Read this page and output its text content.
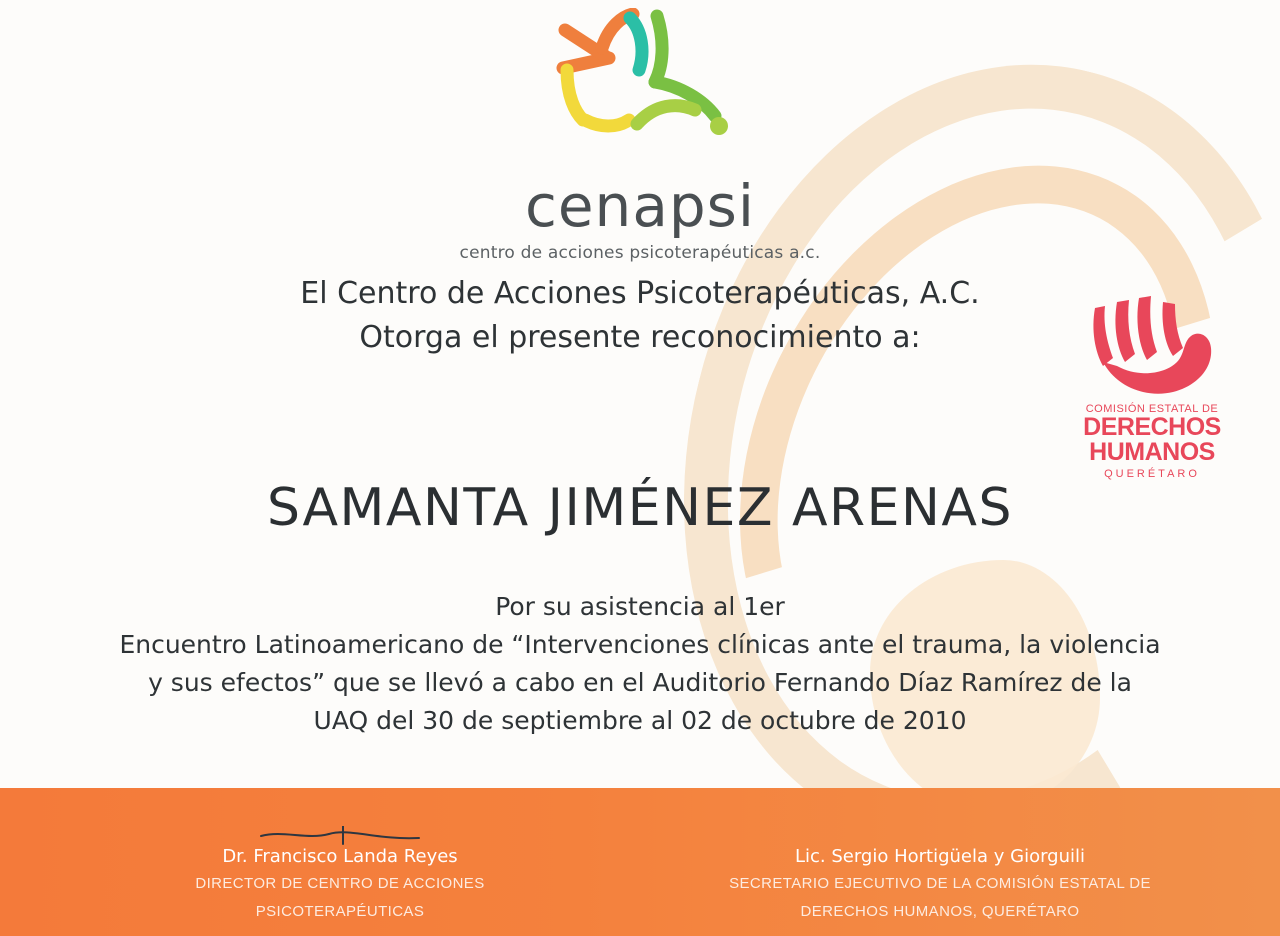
cenapsi
centro de acciones psicoterapéuticas a.c.
El Centro de Acciones Psicoterapéuticas, A.C.
Otorga el presente reconocimiento a:
COMISIÓN ESTATAL DE
DERECHOS
HUMANOS
QUERÉTARO
SAMANTA JIMÉNEZ ARENAS
Por su asistencia al 1er
Encuentro Latinoamericano de “Intervenciones clínicas ante el trauma, la violencia
y sus efectos” que se llevó a cabo en el Auditorio Fernando Díaz Ramírez de la
UAQ del 30 de septiembre al 02 de octubre de 2010
Dr. Francisco Landa Reyes
DIRECTOR DE CENTRO DE ACCIONES
PSICOTERAPÉUTICAS
Lic. Sergio Hortigüela y Giorguili
SECRETARIO EJECUTIVO DE LA COMISIÓN ESTATAL DE
DERECHOS HUMANOS, QUERÉTARO
